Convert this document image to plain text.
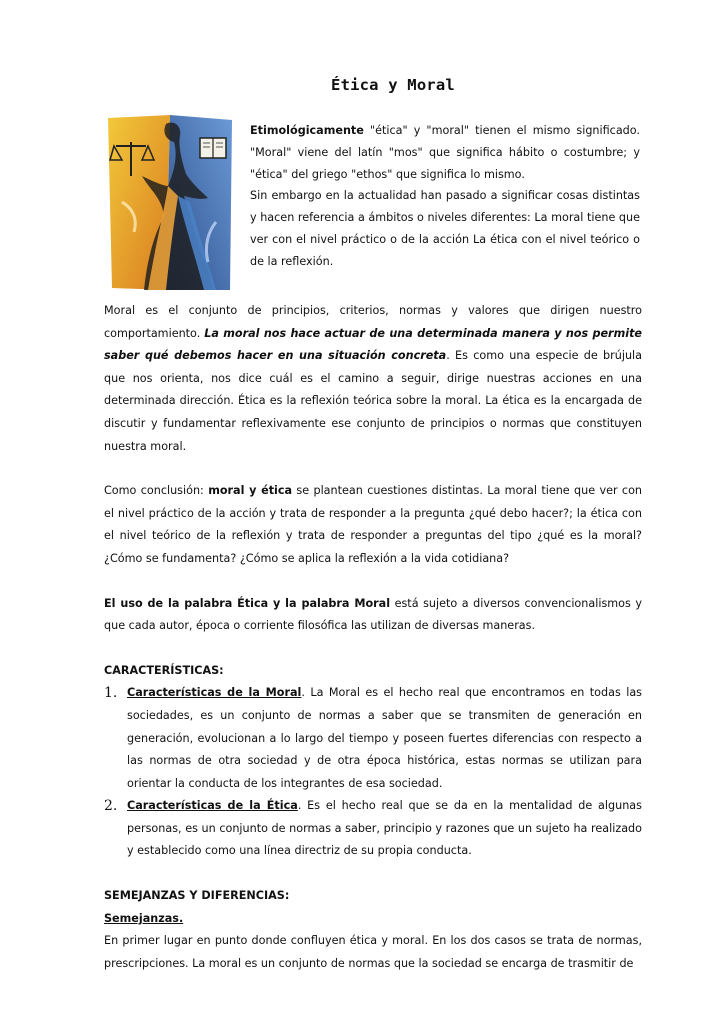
Ética y Moral

Etimológicamente "ética" y "moral" tienen el mismo significado. "Moral" viene del latín "mos" que significa hábito o costumbre; y "ética" del griego "ethos" que significa lo mismo.

Sin embargo en la actualidad han pasado a significar cosas distintas y hacen referencia a ámbitos o niveles diferentes: La moral tiene que ver con el nivel práctico o de la acción La ética con el nivel teórico o de la reflexión.

Moral es el conjunto de principios, criterios, normas y valores que dirigen nuestro comportamiento. La moral nos hace actuar de una determinada manera y nos permite saber qué debemos hacer en una situación concreta. Es como una especie de brújula que nos orienta, nos dice cuál es el camino a seguir, dirige nuestras acciones en una determinada dirección. Ética es la reflexión teórica sobre la moral. La ética es la encargada de discutir y fundamentar reflexivamente ese conjunto de principios o normas que constituyen nuestra moral.

Como conclusión: moral y ética se plantean cuestiones distintas. La moral tiene que ver con el nivel práctico de la acción y trata de responder a la pregunta ¿qué debo hacer?; la ética con el nivel teórico de la reflexión y trata de responder a preguntas del tipo ¿qué es la moral? ¿Cómo se fundamenta? ¿Cómo se aplica la reflexión a la vida cotidiana?

El uso de la palabra Ética y la palabra Moral está sujeto a diversos convencionalismos y que cada autor, época o corriente filosófica las utilizan de diversas maneras.

CARACTERÍSTICAS:

1. Características de la Moral. La Moral es el hecho real que encontramos en todas las sociedades, es un conjunto de normas a saber que se transmiten de generación en generación, evolucionan a lo largo del tiempo y poseen fuertes diferencias con respecto a las normas de otra sociedad y de otra época histórica, estas normas se utilizan para orientar la conducta de los integrantes de esa sociedad.
2. Características de la Ética. Es el hecho real que se da en la mentalidad de algunas personas, es un conjunto de normas a saber, principio y razones que un sujeto ha realizado y establecido como una línea directriz de su propia conducta.

SEMEJANZAS Y DIFERENCIAS:

Semejanzas.

En primer lugar en punto donde confluyen ética y moral. En los dos casos se trata de normas, prescripciones. La moral es un conjunto de normas que la sociedad se encarga de trasmitir de
